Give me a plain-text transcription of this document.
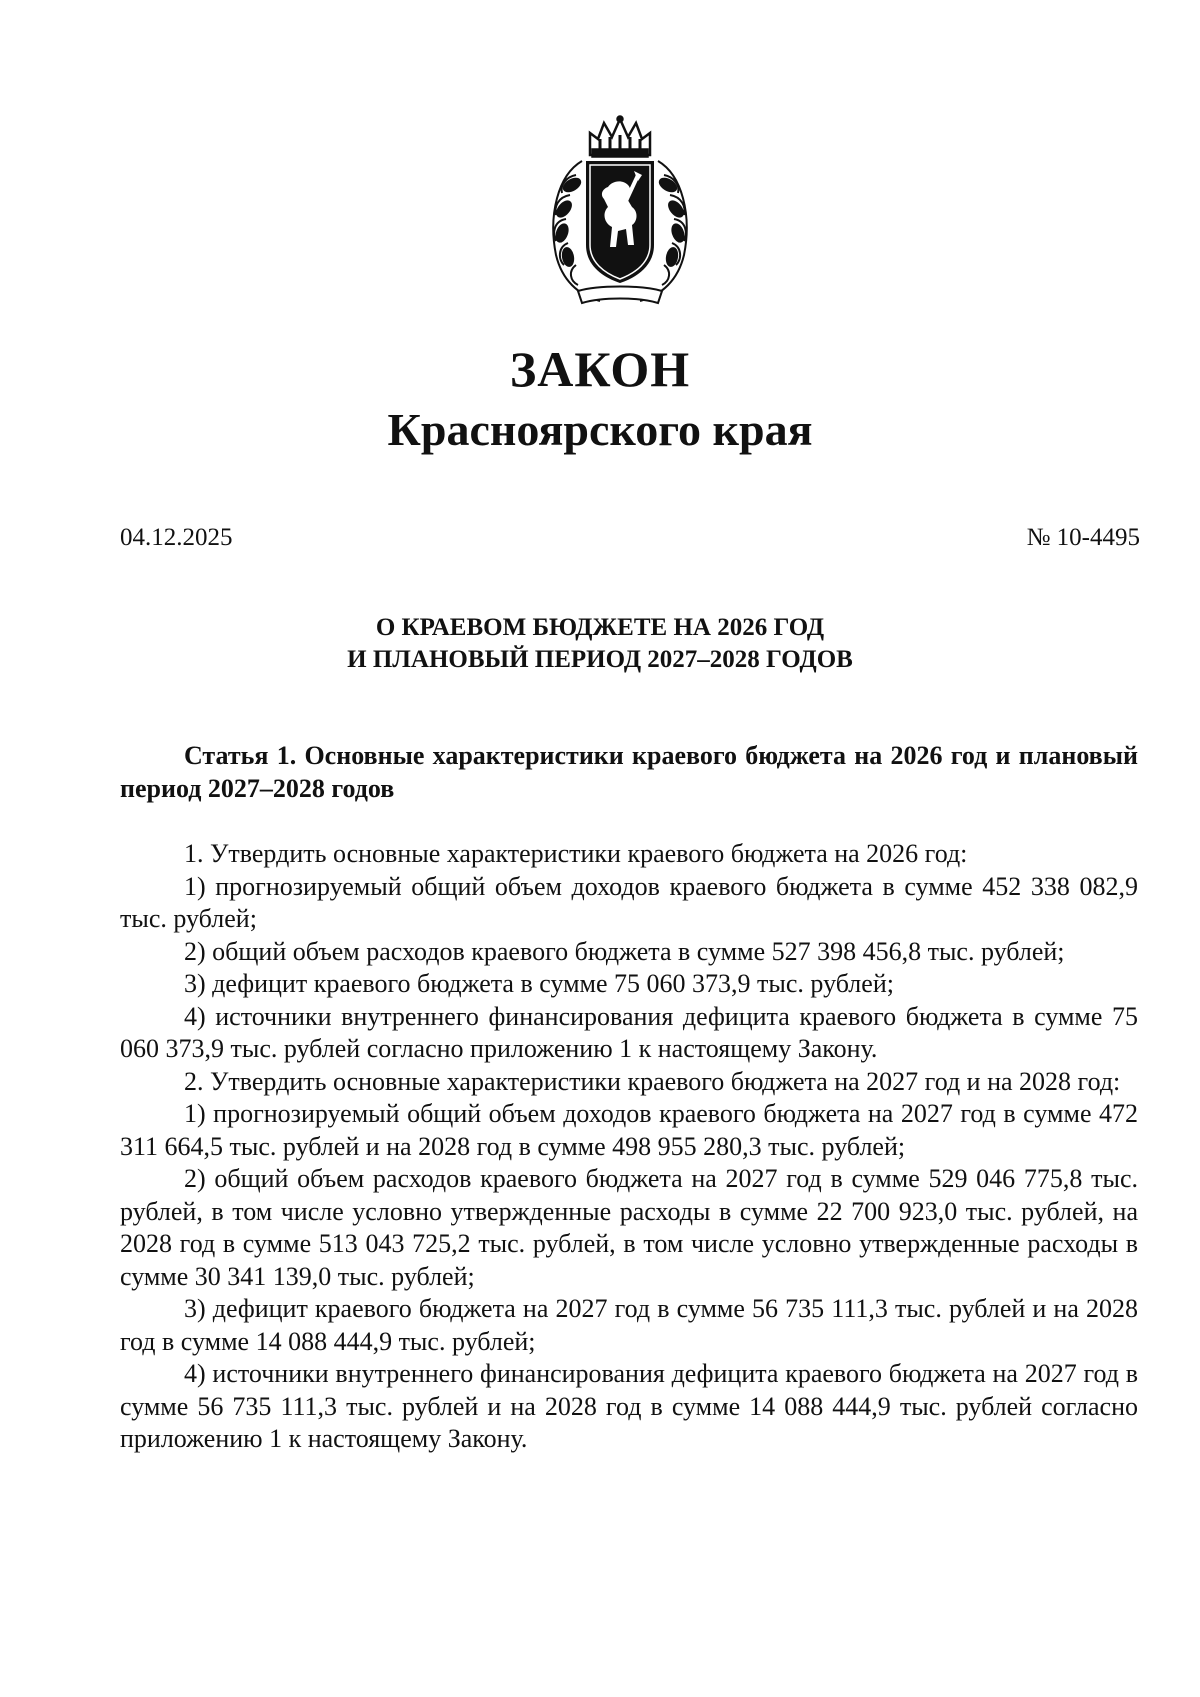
ЗАКОН
Красноярского края
04.12.2025	№ 10-4495
О КРАЕВОМ БЮДЖЕТЕ НА 2026 ГОД
И ПЛАНОВЫЙ ПЕРИОД 2027–2028 ГОДОВ

Статья 1. Основные характеристики краевого бюджета на 2026 год и плановый период 2027–2028 годов

1. Утвердить основные характеристики краевого бюджета на 2026 год:

1) прогнозируемый общий объем доходов краевого бюджета в сумме 452 338 082,9 тыс. рублей;

2) общий объем расходов краевого бюджета в сумме 527 398 456,8 тыс. рублей;

3) дефицит краевого бюджета в сумме 75 060 373,9 тыс. рублей;

4) источники внутреннего финансирования дефицита краевого бюджета в сумме 75 060 373,9 тыс. рублей согласно приложению 1 к настоящему Закону.

2. Утвердить основные характеристики краевого бюджета на 2027 год и на 2028 год:

1) прогнозируемый общий объем доходов краевого бюджета на 2027 год в сумме 472 311 664,5 тыс. рублей и на 2028 год в сумме 498 955 280,3 тыс. рублей;

2) общий объем расходов краевого бюджета на 2027 год в сумме 529 046 775,8 тыс. рублей, в том числе условно утвержденные расходы в сумме 22 700 923,0 тыс. рублей, на 2028 год в сумме 513 043 725,2 тыс. рублей, в том числе условно утвержденные расходы в сумме 30 341 139,0 тыс. рублей;

3) дефицит краевого бюджета на 2027 год в сумме 56 735 111,3 тыс. рублей и на 2028 год в сумме 14 088 444,9 тыс. рублей;

4) источники внутреннего финансирования дефицита краевого бюджета на 2027 год в сумме 56 735 111,3 тыс. рублей и на 2028 год в сумме 14 088 444,9 тыс. рублей согласно приложению 1 к настоящему Закону.
